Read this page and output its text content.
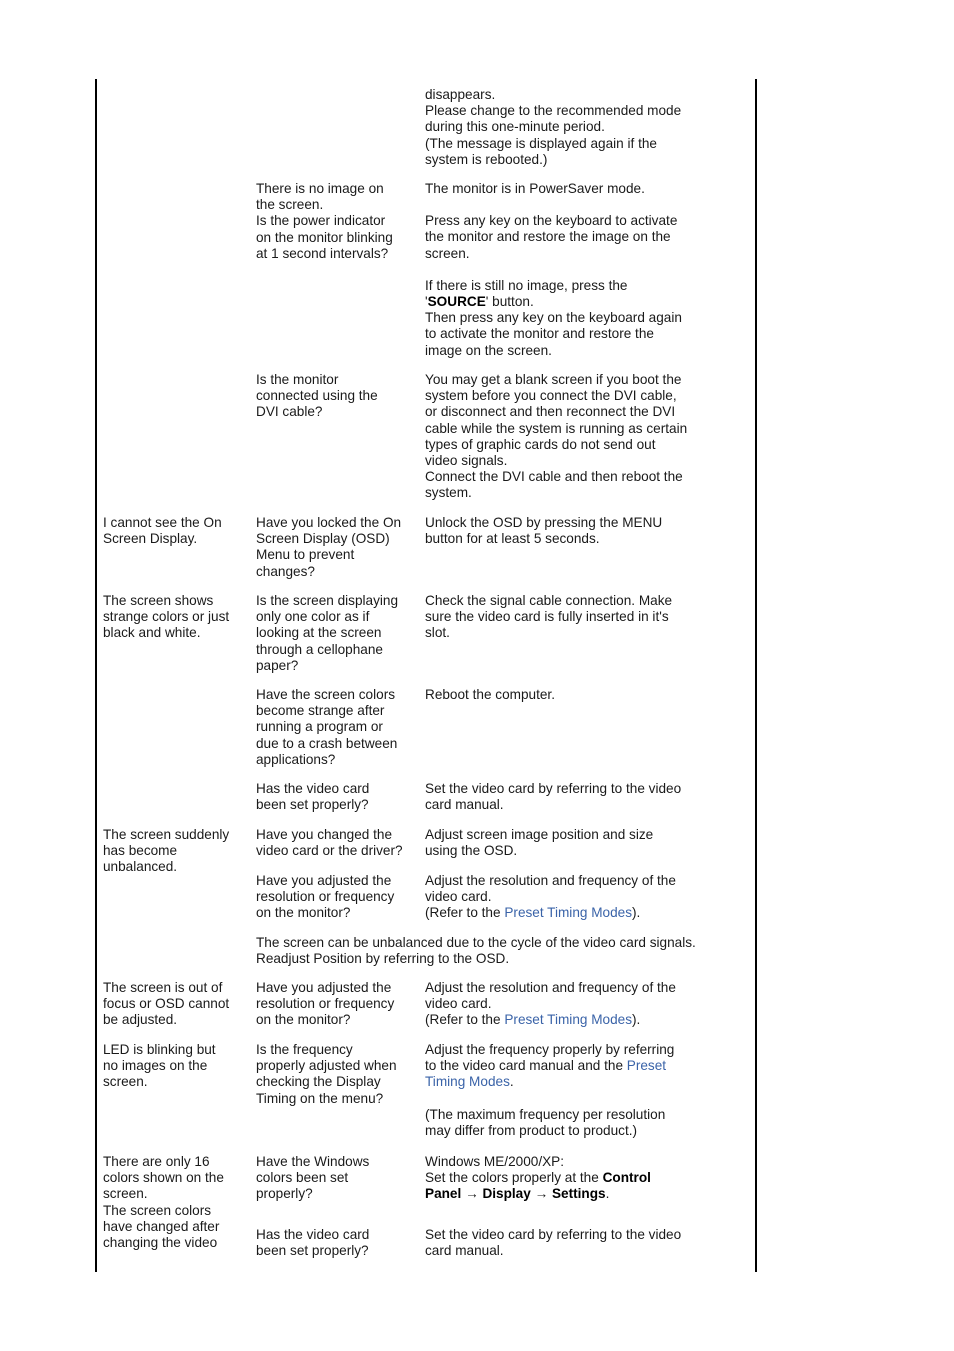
disappears.
Please change to the recommended mode
during this one-minute period.
(The message is displayed again if the
system is rebooted.)
There is no image on
the screen.
Is the power indicator
on the monitor blinking
at 1 second intervals?
The monitor is in PowerSaver mode.
Press any key on the keyboard to activate
the monitor and restore the image on the
screen.
If there is still no image, press the
'SOURCE' button.
Then press any key on the keyboard again
to activate the monitor and restore the
image on the screen.
Is the monitor
connected using the
DVI cable?
You may get a blank screen if you boot the
system before you connect the DVI cable,
or disconnect and then reconnect the DVI
cable while the system is running as certain
types of graphic cards do not send out
video signals.
Connect the DVI cable and then reboot the
system.
I cannot see the On
Screen Display.
Have you locked the On
Screen Display (OSD)
Menu to prevent
changes?
Unlock the OSD by pressing the MENU
button for at least 5 seconds.
The screen shows
strange colors or just
black and white.
Is the screen displaying
only one color as if
looking at the screen
through a cellophane
paper?
Check the signal cable connection. Make
sure the video card is fully inserted in it's
slot.
Have the screen colors
become strange after
running a program or
due to a crash between
applications?
Reboot the computer.
Has the video card
been set properly?
Set the video card by referring to the video
card manual.
The screen suddenly
has become
unbalanced.
Have you changed the
video card or the driver?
Adjust screen image position and size
using the OSD.
Have you adjusted the
resolution or frequency
on the monitor?
Adjust the resolution and frequency of the
video card.
(Refer to the Preset Timing Modes).
The screen can be unbalanced due to the cycle of the video card signals.
Readjust Position by referring to the OSD.
The screen is out of
focus or OSD cannot
be adjusted.
Have you adjusted the
resolution or frequency
on the monitor?
Adjust the resolution and frequency of the
video card.
(Refer to the Preset Timing Modes).
LED is blinking but
no images on the
screen.
Is the frequency
properly adjusted when
checking the Display
Timing on the menu?
Adjust the frequency properly by referring
to the video card manual and the Preset
Timing Modes.
(The maximum frequency per resolution
may differ from product to product.)
There are only 16
colors shown on the
screen.
The screen colors
have changed after
changing the video
Have the Windows
colors been set
properly?
Windows ME/2000/XP:
Set the colors properly at the Control
Panel → Display → Settings.
Has the video card
been set properly?
Set the video card by referring to the video
card manual.
